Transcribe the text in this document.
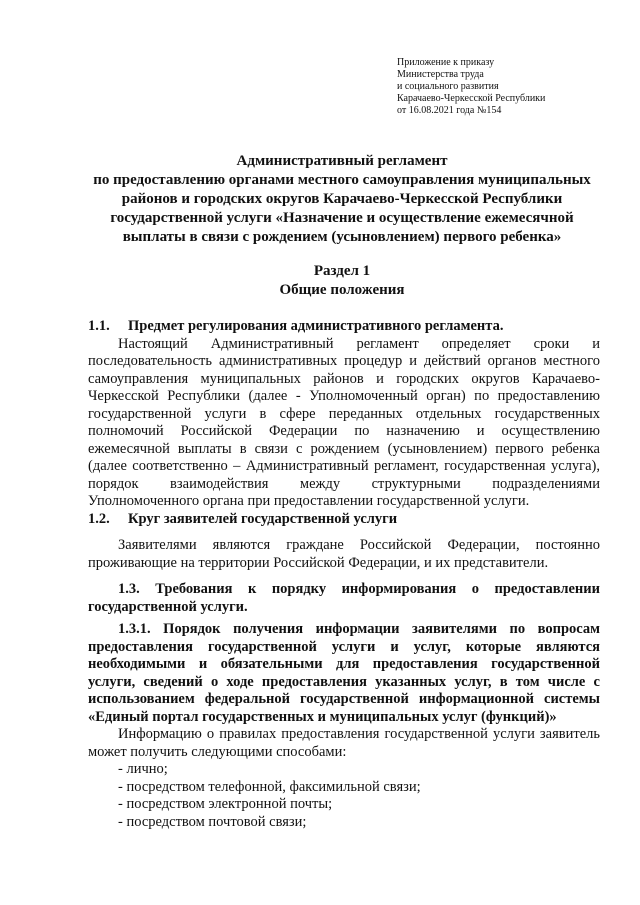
Приложение к приказу
Министерства труда
и социального развития
Карачаево-Черкесской Республики
от 16.08.2021 года №154
Административный регламент
по предоставлению органами местного самоуправления муниципальных
районов и городских округов Карачаево-Черкесской Республики
государственной услуги «Назначение и осуществление ежемесячной
выплаты в связи с рождением (усыновлением) первого ребенка»
Раздел 1
Общие положения

1.1. Предмет регулирования административного регламента.

Настоящий Административный регламент определяет сроки и последовательность административных процедур и действий органов местного самоуправления муниципальных районов и городских округов Карачаево-Черкесской Республики (далее - Уполномоченный орган) по предоставлению государственной услуги в сфере переданных отдельных государственных полномочий Российской Федерации по назначению и осуществлению ежемесячной выплаты в связи с рождением (усыновлением) первого ребенка (далее соответственно – Административный регламент, государственная услуга), порядок взаимодействия между структурными подразделениями Уполномоченного органа при предоставлении государственной услуги.

1.2. Круг заявителей государственной услуги

Заявителями являются граждане Российской Федерации, постоянно проживающие на территории Российской Федерации, и их представители.

1.3. Требования к порядку информирования о предоставлении государственной услуги.

1.3.1. Порядок получения информации заявителями по вопросам предоставления государственной услуги и услуг, которые являются необходимыми и обязательными для предоставления государственной услуги, сведений о ходе предоставления указанных услуг, в том числе с использованием федеральной государственной информационной системы «Единый портал государственных и муниципальных услуг (функций)»

Информацию о правилах предоставления государственной услуги заявитель может получить следующими способами:

- лично;
- посредством телефонной, факсимильной связи;
- посредством электронной почты;
- посредством почтовой связи;
